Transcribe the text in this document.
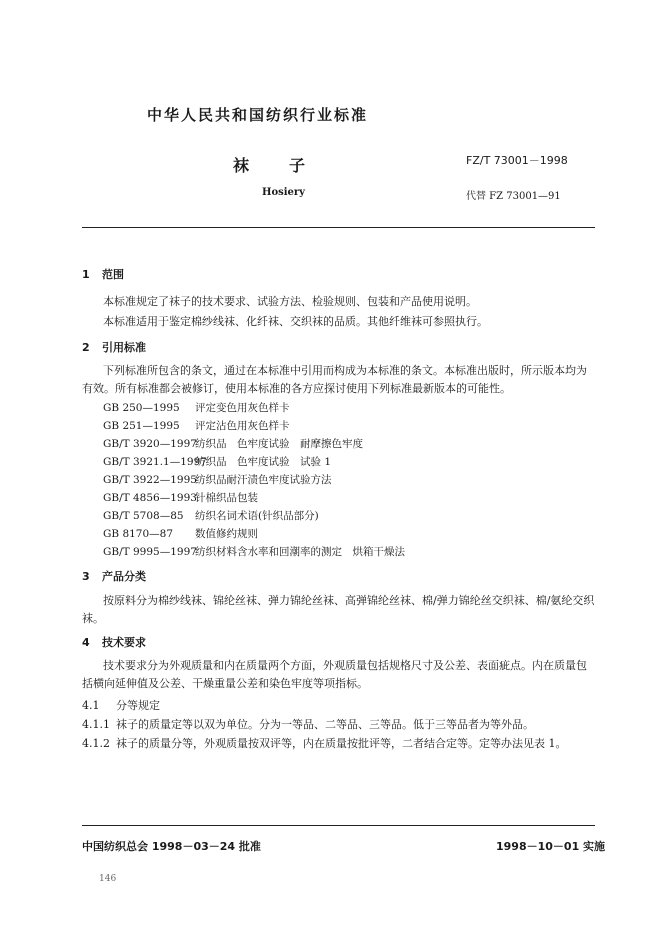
中华人民共和国纺织行业标准
袜子
Hosiery
FZ/T 73001－1998
代替 FZ 73001—91
1 范围
本标准规定了袜子的技术要求、试验方法、检验规则、包装和产品使用说明。
本标准适用于鉴定棉纱线袜、化纤袜、交织袜的品质。其他纤维袜可参照执行。
2 引用标准
下列标准所包含的条文，通过在本标准中引用而构成为本标准的条文。本标准出版时，所示版本均为有效。所有标准都会被修订，使用本标准的各方应探讨使用下列标准最新版本的可能性。
GB 250—1995 评定变色用灰色样卡
GB 251—1995 评定沾色用灰色样卡
GB/T 3920—1997纺织品　色牢度试验　耐摩擦色牢度
GB/T 3921.1—1997纺织品　色牢度试验　试验 1
GB/T 3922—1995纺织品耐汗渍色牢度试验方法
GB/T 4856—1993针棉织品包装
GB/T 5708—85 纺织名词术语(针织品部分)
GB 8170—87 数值修约规则
GB/T 9995—1997纺织材料含水率和回潮率的测定　烘箱干燥法
3 产品分类
按原料分为棉纱线袜、锦纶丝袜、弹力锦纶丝袜、高弹锦纶丝袜、棉/弹力锦纶丝交织袜、棉/氨纶交织袜。
4 技术要求
技术要求分为外观质量和内在质量两个方面，外观质量包括规格尺寸及公差、表面疵点。内在质量包括横向延伸值及公差、干燥重量公差和染色牢度等项指标。
4.1 分等规定
4.1.1 袜子的质量定等以双为单位。分为一等品、二等品、三等品。低于三等品者为等外品。
4.1.2 袜子的质量分等，外观质量按双评等，内在质量按批评等，二者结合定等。定等办法见表 1。
中国纺织总会 1998－03－24 批准	1998－10－01 实施
146
